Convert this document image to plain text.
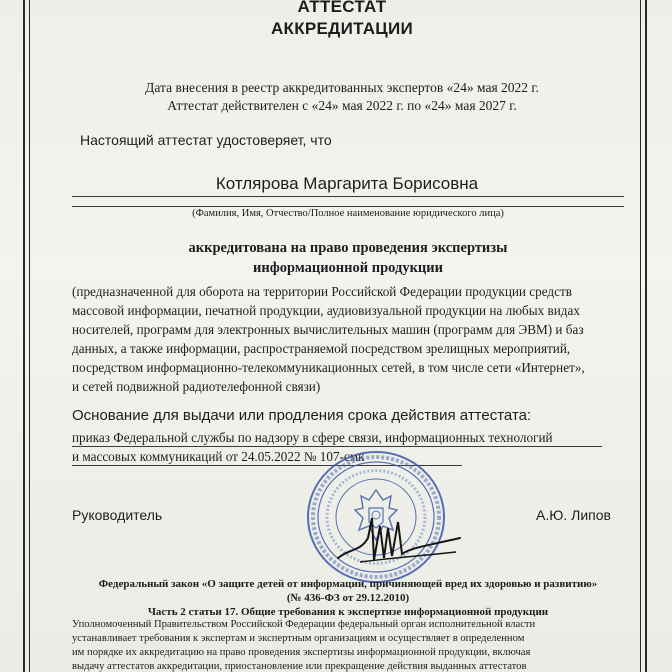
АТТЕСТАТ
АККРЕДИТАЦИИ
Дата внесения в реестр аккредитованных экспертов «24» мая 2022 г.
Аттестат действителен с «24» мая 2022 г. по «24» мая 2027 г.
Настоящий аттестат удостоверяет, что
Котлярова Маргарита Борисовна
(Фамилия, Имя, Отчество/Полное наименование юридического лица)
аккредитована на право проведения экспертизы
информационной продукции
(предназначенной для оборота на территории Российской Федерации продукции средств
массовой информации, печатной продукции, аудиовизуальной продукции на любых видах
носителей, программ для электронных вычислительных машин (программ для ЭВМ) и баз
данных, а также информации, распространяемой посредством зрелищных мероприятий,
посредством информационно-телекоммуникационных сетей, в том числе сети «Интернет»,
и сетей подвижной радиотелефонной связи)
Основание для выдачи или продления срока действия аттестата:
приказ Федеральной службы по надзору в сфере связи, информационных технологий
и массовых коммуникаций от 24.05.2022 № 107-смк
Руководитель	А.Ю. Липов
Федеральный закон «О защите детей от информации, причиняющей вред их здоровью и развитию»
(№ 436-ФЗ от 29.12.2010)
Часть 2 статьи 17. Общие требования к экспертизе информационной продукции
Уполномоченный Правительством Российской Федерации федеральный орган исполнительной власти
устанавливает требования к экспертам и экспертным организациям и осуществляет в определенном
им порядке их аккредитацию на право проведения экспертизы информационной продукции, включая
выдачу аттестатов аккредитации, приостановление или прекращение действия выданных аттестатов
